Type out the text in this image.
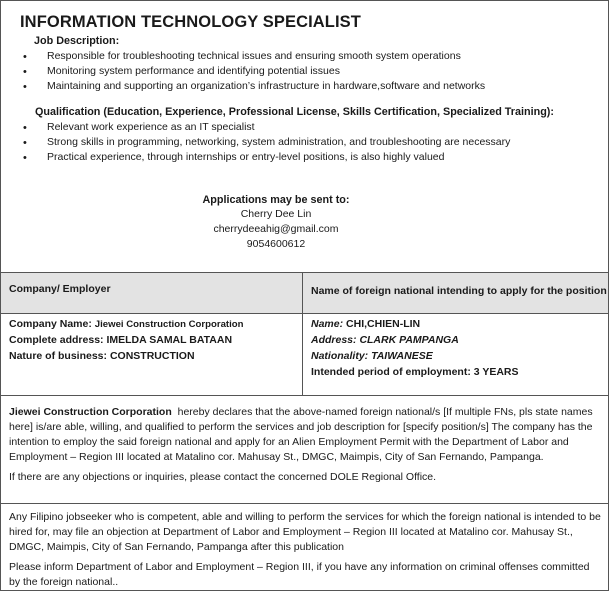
INFORMATION TECHNOLOGY SPECIALIST
Job Description:
• Responsible for troubleshooting technical issues and ensuring smooth system operations
• Monitoring system performance and identifying potential issues
• Maintaining and supporting an organization’s infrastructure in hardware,software and networks
Qualification (Education, Experience, Professional License, Skills Certification, Specialized Training):
• Relevant work experience as an IT specialist
• Strong skills in programming, networking, system administration, and troubleshooting are necessary
• Practical experience, through internships or entry-level positions, is also highly valued
Applications may be sent to:
Cherry Dee Lin
cherrydeeahig@gmail.com
9054600612
Company/ Employer	Name of foreign national intending to apply for the position
Company Name: Jiewei Construction Corporation
Complete address: IMELDA SAMAL BATAAN
Nature of business: CONSTRUCTION
Name: CHI,CHIEN-LIN
Address: CLARK PAMPANGA
Nationality: TAIWANESE
Intended period of employment: 3 YEARS

Jiewei Construction Corporation hereby declares that the above-named foreign national/s [If multiple FNs, pls state names here] is/are able, willing, and qualified to perform the services and job description for [specify position/s] The company has the intention to employ the said foreign national and apply for an Alien Employment Permit with the Department of Labor and Employment – Region III located at Matalino cor. Mahusay St., DMGC, Maimpis, City of San Fernando, Pampanga.

If there are any objections or inquiries, please contact the concerned DOLE Regional Office.

Any Filipino jobseeker who is competent, able and willing to perform the services for which the foreign national is intended to be hired for, may file an objection at Department of Labor and Employment – Region III located at Matalino cor. Mahusay St., DMGC, Maimpis, City of San Fernando, Pampanga after this publication

Please inform Department of Labor and Employment – Region III, if you have any information on criminal offenses committed by the foreign national..
